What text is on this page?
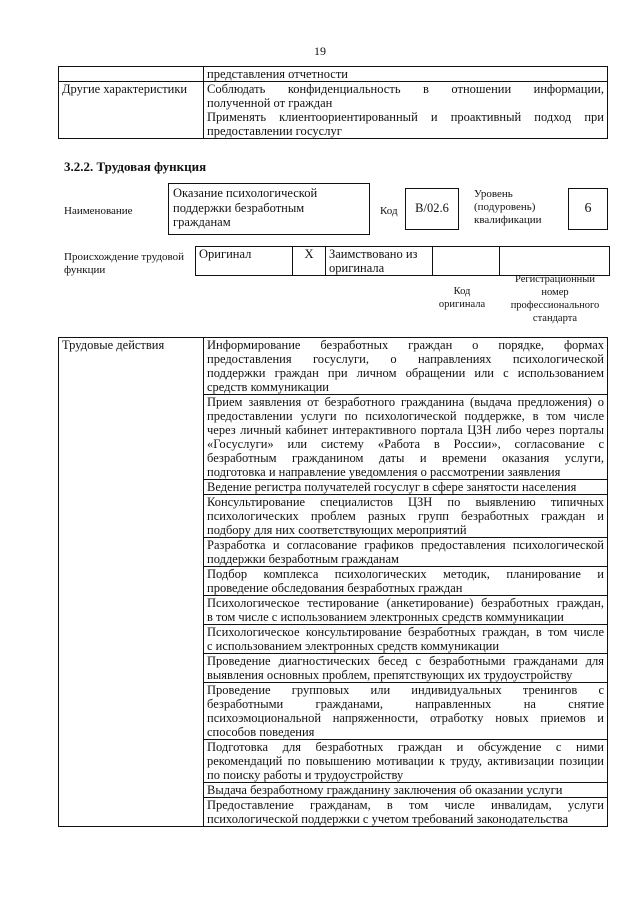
19
	представления отчетности
Другие характеристики	Соблюдать конфиденциальность в отношении информации,
полученной от граждан
Применять клиентоориентированный и проактивный подход при
предоставлении госуслуг
3.2.2. Трудовая функция
Наименование
Оказание психологической
поддержки безработным
гражданам
Код	В/02.6
Уровень
(подуровень)
квалификации
6
Происхождение трудовой
функции
Оригинал	X	Заимствовано из
оригинала

Код
оригинала
Регистрационный
номер
профессионального
стандарта
Трудовые действия	Информирование безработных граждан о порядке, формах
предоставления госуслуги, о направлениях психологической
поддержки граждан при личном обращении или с использованием
средств коммуникации

Прием заявления от безработного гражданина (выдача предложения) о
предоставлении услуги по психологической поддержке, в том числе
через личный кабинет интерактивного портала ЦЗН либо через порталы
«Госуслуги» или систему «Работа в России», согласование с
безработным гражданином даты и времени оказания услуги,
подготовка и направление уведомления о рассмотрении заявления

Ведение регистра получателей госуслуг в сфере занятости населения

Консультирование специалистов ЦЗН по выявлению типичных
психологических проблем разных групп безработных граждан и
подбору для них соответствующих мероприятий

Разработка и согласование графиков предоставления психологической
поддержки безработным гражданам

Подбор комплекса психологических методик, планирование и
проведение обследования безработных граждан

Психологическое тестирование (анкетирование) безработных граждан,
в том числе с использованием электронных средств коммуникации

Психологическое консультирование безработных граждан, в том числе
с использованием электронных средств коммуникации

Проведение диагностических бесед с безработными гражданами для
выявления основных проблем, препятствующих их трудоустройству

Проведение групповых или индивидуальных тренингов с
безработными гражданами, направленных на снятие
психоэмоциональной напряженности, отработку новых приемов и
способов поведения

Подготовка для безработных граждан и обсуждение с ними
рекомендаций по повышению мотивации к труду, активизации позиции
по поиску работы и трудоустройству

Выдача безработному гражданину заключения об оказании услуги

Предоставление гражданам, в том числе инвалидам, услуги
психологической поддержки с учетом требований законодательства
